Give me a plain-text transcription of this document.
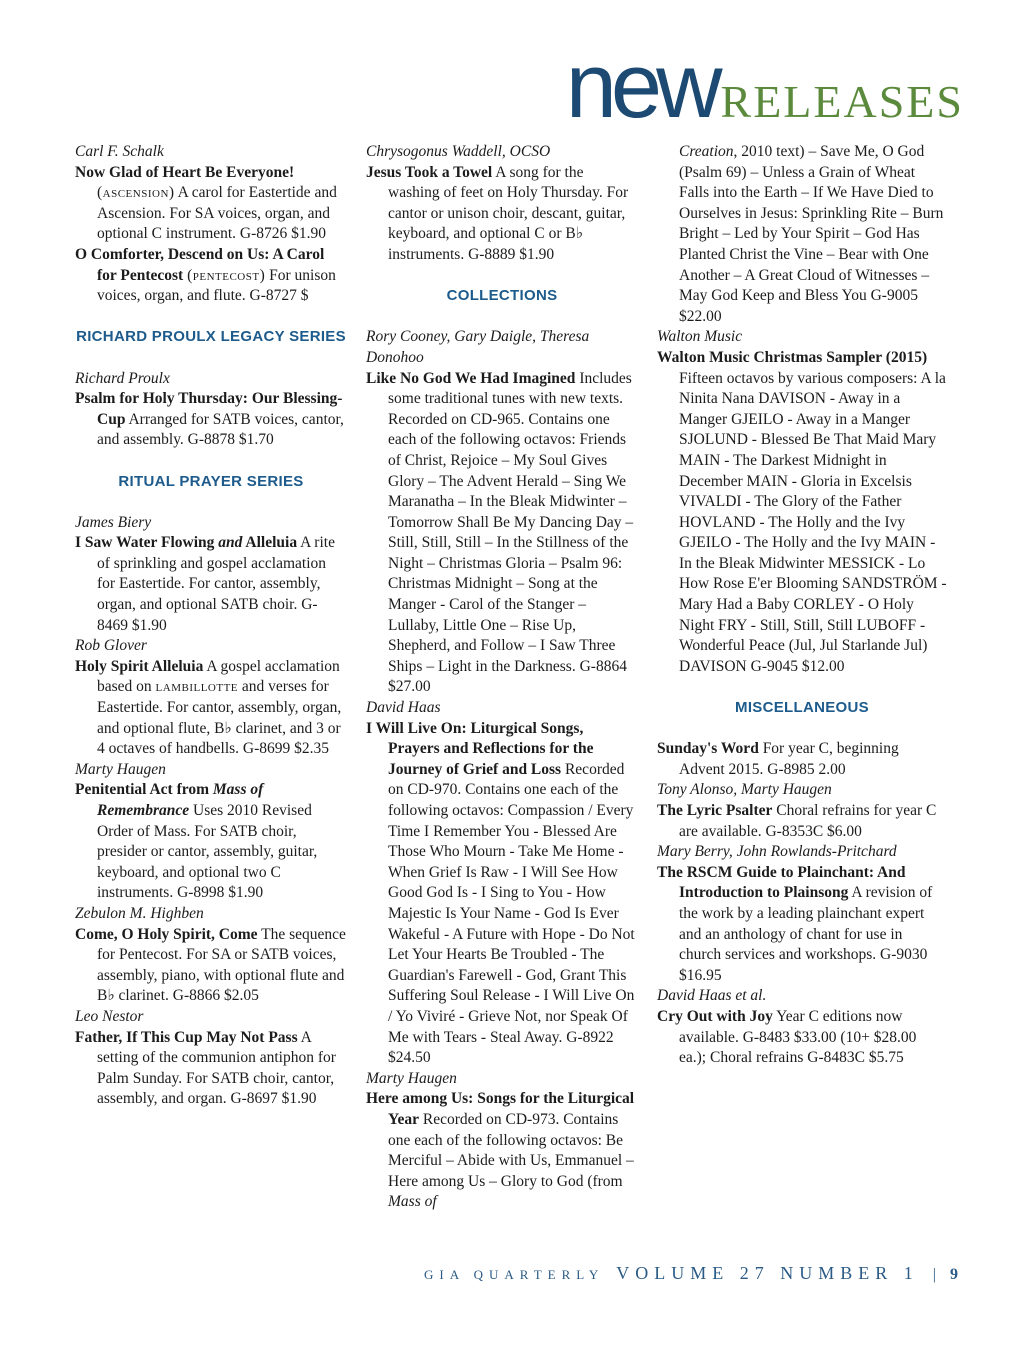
new RELEASES
Carl F. Schalk
Now Glad of Heart Be Everyone!(ascension) A carol for Eastertide and Ascension. For SA voices, organ, and optional C instrument. G-8726 $1.90
O Comforter, Descend on Us: A Carol for Pentecost (pentecost) For unison voices, organ, and flute. G-8727 $
RICHARD PROULX LEGACY SERIES
Richard Proulx
Psalm for Holy Thursday: Our Blessing-Cup Arranged for SATB voices, cantor, and assembly. G-8878 $1.70
RITUAL PRAYER SERIES
James Biery
I Saw Water Flowing and Alleluia A rite of sprinkling and gospel acclamation for Eastertide. For cantor, assembly, organ, and optional SATB choir. G-8469 $1.90
Rob Glover
Holy Spirit Alleluia A gospel acclamation based on lambillotte and verses for Eastertide. For cantor, assembly, organ, and optional flute, B♭ clarinet, and 3 or 4 octaves of handbells. G-8699 $2.35
Marty Haugen
Penitential Act from Mass of Remembrance Uses 2010 Revised Order of Mass. For SATB choir, presider or cantor, assembly, guitar, keyboard, and optional two C instruments. G-8998 $1.90
Zebulon M. Highben
Come, O Holy Spirit, Come The sequence for Pentecost. For SA or SATB voices, assembly, piano, with optional flute and B♭ clarinet. G-8866 $2.05
Leo Nestor
Father, If This Cup May Not Pass A setting of the communion antiphon for Palm Sunday. For SATB choir, cantor, assembly, and organ. G-8697 $1.90
Chrysogonus Waddell, OCSO
Jesus Took a Towel A song for the washing of feet on Holy Thursday. For cantor or unison choir, descant, guitar, keyboard, and optional C or B♭ instruments. G-8889 $1.90
COLLECTIONS
Rory Cooney, Gary Daigle, Theresa Donohoo
Like No God We Had Imagined Includes some traditional tunes with new texts. Recorded on CD-965. Contains one each of the following octavos: Friends of Christ, Rejoice – My Soul Gives Glory – The Advent Herald – Sing We Maranatha – In the Bleak Midwinter – Tomorrow Shall Be My Dancing Day – Still, Still, Still – In the Stillness of the Night – Christmas Gloria – Psalm 96: Christmas Midnight – Song at the Manger - Carol of the Stanger – Lullaby, Little One – Rise Up, Shepherd, and Follow – I Saw Three Ships – Light in the Darkness. G-8864 $27.00
David Haas
I Will Live On: Liturgical Songs, Prayers and Reflections for the Journey of Grief and Loss Recorded on CD-970. Contains one each of the following octavos: Compassion / Every Time I Remember You - Blessed Are Those Who Mourn - Take Me Home - When Grief Is Raw - I Will See How Good God Is - I Sing to You - How Majestic Is Your Name - God Is Ever Wakeful - A Future with Hope - Do Not Let Your Hearts Be Troubled - The Guardian's Farewell - God, Grant This Suffering Soul Release - I Will Live On / Yo Viviré - Grieve Not, nor Speak Of Me with Tears - Steal Away. G-8922 $24.50
Marty Haugen
Here among Us: Songs for the Liturgical Year Recorded on CD-973. Contains one each of the following octavos: Be Merciful – Abide with Us, Emmanuel – Here among Us – Glory to God (from Mass of
Creation, 2010 text) – Save Me, O God (Psalm 69) – Unless a Grain of Wheat Falls into the Earth – If We Have Died to Ourselves in Jesus: Sprinkling Rite – Burn Bright – Led by Your Spirit – God Has Planted Christ the Vine – Bear with One Another – A Great Cloud of Witnesses – May God Keep and Bless You G-9005 $22.00
Walton Music
Walton Music Christmas Sampler (2015) Fifteen octavos by various composers: A la Ninita Nana DAVISON - Away in a Manger GJEILO - Away in a Manger SJOLUND - Blessed Be That Maid Mary MAIN - The Darkest Midnight in December MAIN - Gloria in Excelsis VIVALDI - The Glory of the Father HOVLAND - The Holly and the Ivy GJEILO - The Holly and the Ivy MAIN - In the Bleak Midwinter MESSICK - Lo How Rose E'er Blooming SANDSTRÖM - Mary Had a Baby CORLEY - O Holy Night FRY - Still, Still, Still LUBOFF - Wonderful Peace (Jul, Jul Starlande Jul) DAVISON G-9045 $12.00
MISCELLANEOUS
Sunday's Word For year C, beginning Advent 2015. G-8985 2.00
Tony Alonso, Marty Haugen
The Lyric Psalter Choral refrains for year C are available. G-8353C $6.00
Mary Berry, John Rowlands-Pritchard
The RSCM Guide to Plainchant: And Introduction to Plainsong A revision of the work by a leading plainchant expert and an anthology of chant for use in church services and workshops. G-9030 $16.95
David Haas et al.
Cry Out with Joy Year C editions now available. G-8483 $33.00 (10+ $28.00 ea.); Choral refrains G-8483C $5.75
GIA QUARTERLY VOLUME 27 NUMBER 1 | 9
